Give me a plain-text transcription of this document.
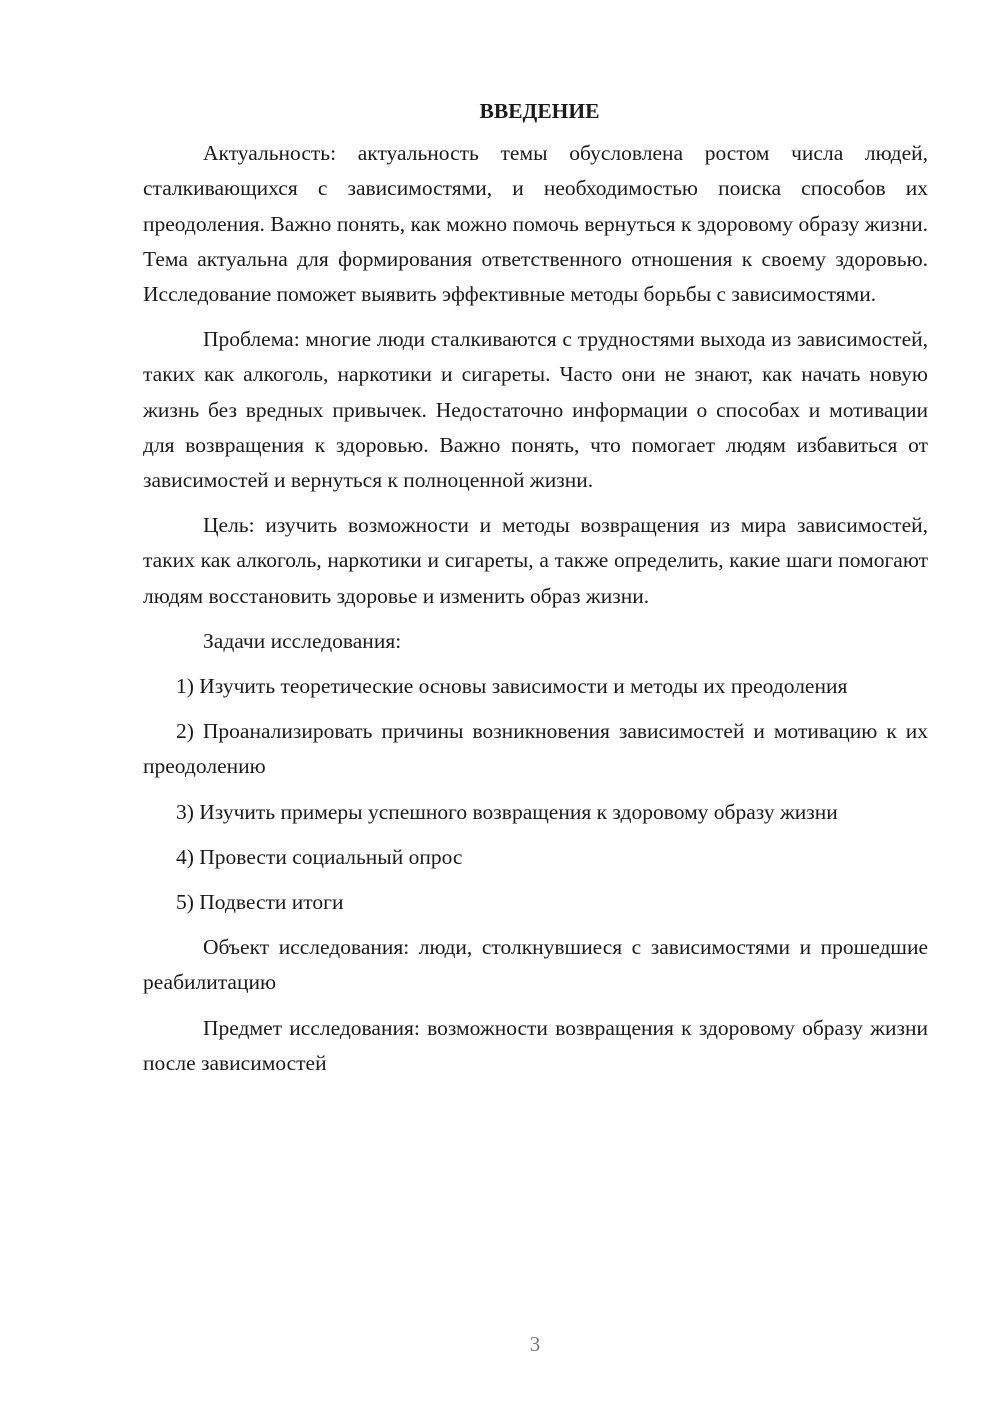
ВВЕДЕНИЕ

Актуальность: актуальность темы обусловлена ростом числа людей, сталкивающихся с зависимостями, и необходимостью поиска способов их преодоления. Важно понять, как можно помочь вернуться к здоровому образу жизни. Тема актуальна для формирования ответственного отношения к своему здоровью. Исследование поможет выявить эффективные методы борьбы с зависимостями.

Проблема: многие люди сталкиваются с трудностями выхода из зависимостей, таких как алкоголь, наркотики и сигареты. Часто они не знают, как начать новую жизнь без вредных привычек. Недостаточно информации о способах и мотивации для возвращения к здоровью. Важно понять, что помогает людям избавиться от зависимостей и вернуться к полноценной жизни.

Цель: изучить возможности и методы возвращения из мира зависимостей, таких как алкоголь, наркотики и сигареты, а также определить, какие шаги помогают людям восстановить здоровье и изменить образ жизни.

Задачи исследования:

1) Изучить теоретические основы зависимости и методы их преодоления

2) Проанализировать причины возникновения зависимостей и мотивацию к их преодолению

3) Изучить примеры успешного возвращения к здоровому образу жизни

4) Провести социальный опрос

5) Подвести итоги

Объект исследования: люди, столкнувшиеся с зависимостями и прошедшие реабилитацию

Предмет исследования: возможности возвращения к здоровому образу жизни после зависимостей

3
